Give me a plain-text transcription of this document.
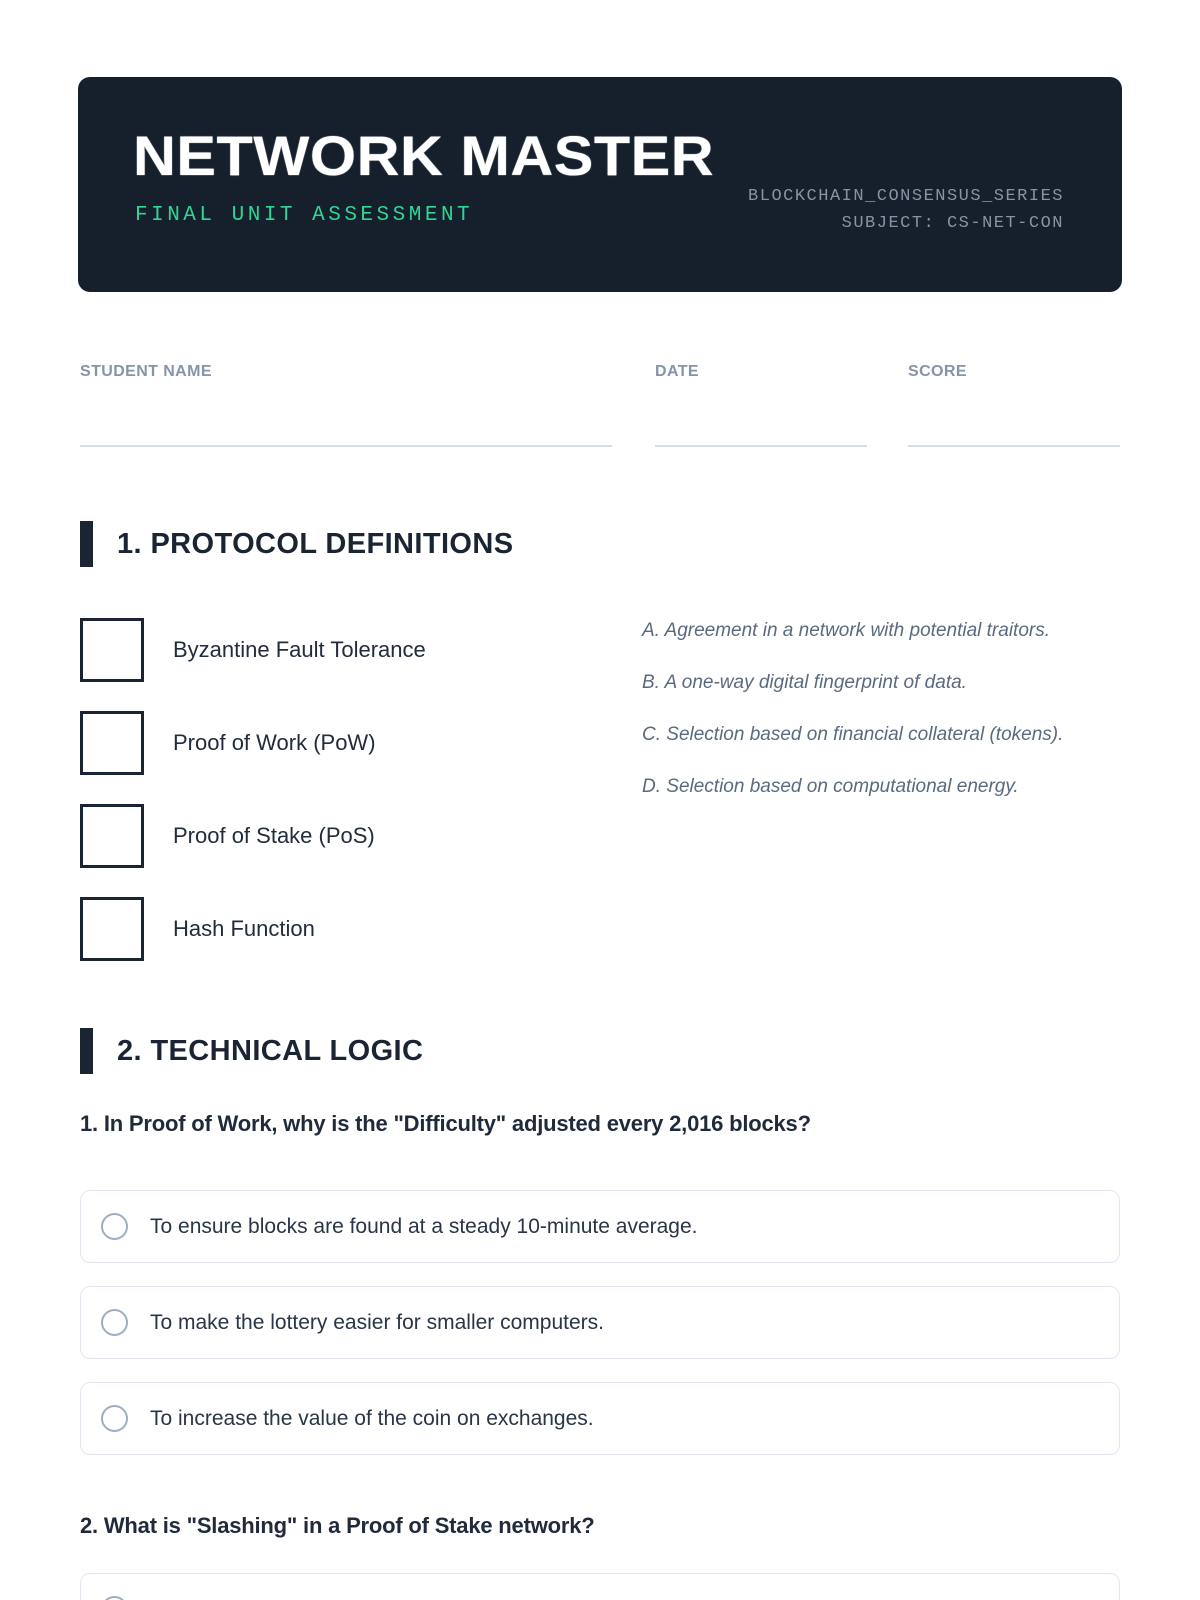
NETWORK MASTER
FINAL UNIT ASSESSMENT
BLOCKCHAIN_CONSENSUS_SERIES
SUBJECT: CS-NET-CON
STUDENT NAME	DATE	SCORE
1. PROTOCOL DEFINITIONS
Byzantine Fault Tolerance
Proof of Work (PoW)
Proof of Stake (PoS)
Hash Function
A. Agreement in a network with potential traitors.
B. A one-way digital fingerprint of data.
C. Selection based on financial collateral (tokens).
D. Selection based on computational energy.
2. TECHNICAL LOGIC
1. In Proof of Work, why is the "Difficulty" adjusted every 2,016 blocks?
To ensure blocks are found at a steady 10-minute average.
To make the lottery easier for smaller computers.
To increase the value of the coin on exchanges.
2. What is "Slashing" in a Proof of Stake network?
